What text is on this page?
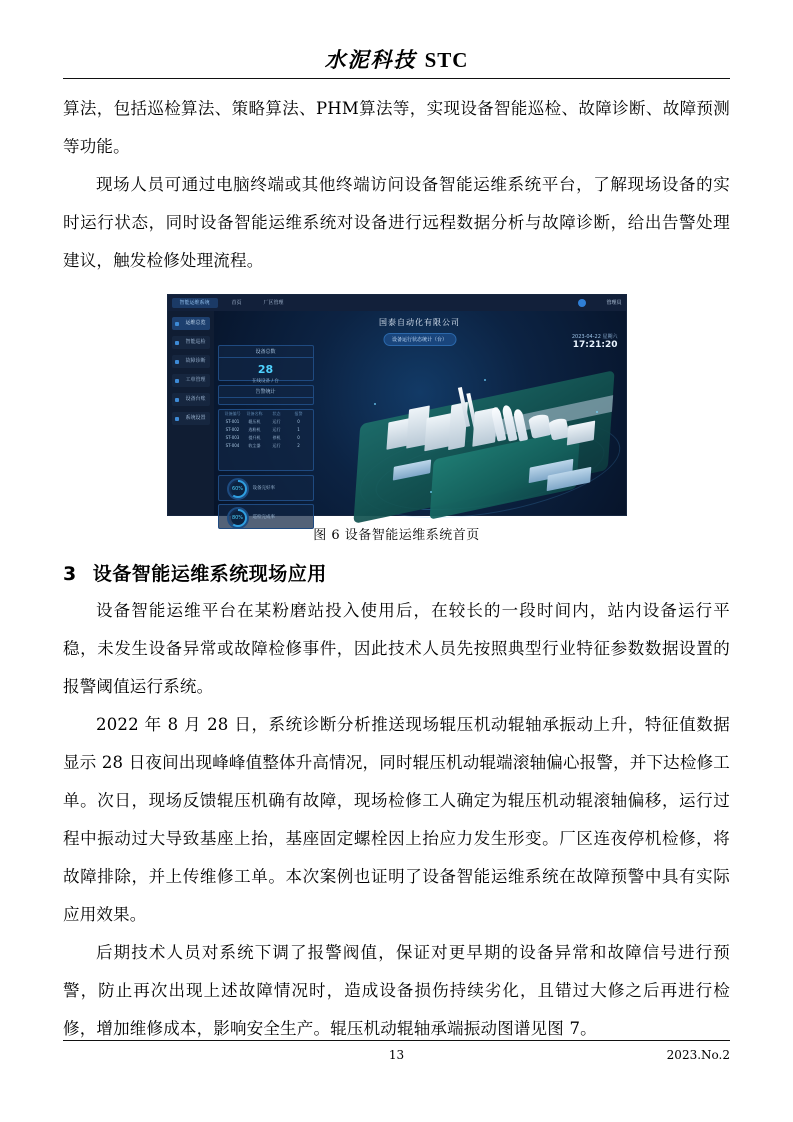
水泥科技 STC

算法，包括巡检算法、策略算法、PHM算法等，实现设备智能巡检、故障诊断、故障预测等功能。

现场人员可通过电脑终端或其他终端访问设备智能运维系统平台，了解现场设备的实时运行状态，同时设备智能运维系统对设备进行远程数据分析与故障诊断，给出告警处理建议，触发检修处理流程。

智能运维系统	首页	厂区管理	管理员
运维总览
智能巡检
故障诊断
工单管理
设备台账
系统设置
国泰自动化有限公司
2023-04-22 星期六
17:21:20
设备运行状态统计（台）
设备总数
28
在线设备 / 台
告警统计
设备编号	设备名称	状态	报警
ST-001	辊压机	运行	0
ST-002	选粉机	运行	1
ST-003	提升机	停机	0
ST-004	收尘器	运行	2
60%	设备完好率
80%	巡检完成率
图 6 设备智能运维系统首页
3 设备智能运维系统现场应用

设备智能运维平台在某粉磨站投入使用后，在较长的一段时间内，站内设备运行平稳，未发生设备异常或故障检修事件，因此技术人员先按照典型行业特征参数数据设置的报警阈值运行系统。

2022 年 8 月 28 日，系统诊断分析推送现场辊压机动辊轴承振动上升，特征值数据显示 28 日夜间出现峰峰值整体升高情况，同时辊压机动辊端滚轴偏心报警，并下达检修工单。次日，现场反馈辊压机确有故障，现场检修工人确定为辊压机动辊滚轴偏移，运行过程中振动过大导致基座上抬，基座固定螺栓因上抬应力发生形变。厂区连夜停机检修，将故障排除，并上传维修工单。本次案例也证明了设备智能运维系统在故障预警中具有实际应用效果。

后期技术人员对系统下调了报警阀值，保证对更早期的设备异常和故障信号进行预警，防止再次出现上述故障情况时，造成设备损伤持续劣化，且错过大修之后再进行检修，增加维修成本，影响安全生产。辊压机动辊轴承端振动图谱见图 7。

13	2023.No.2
